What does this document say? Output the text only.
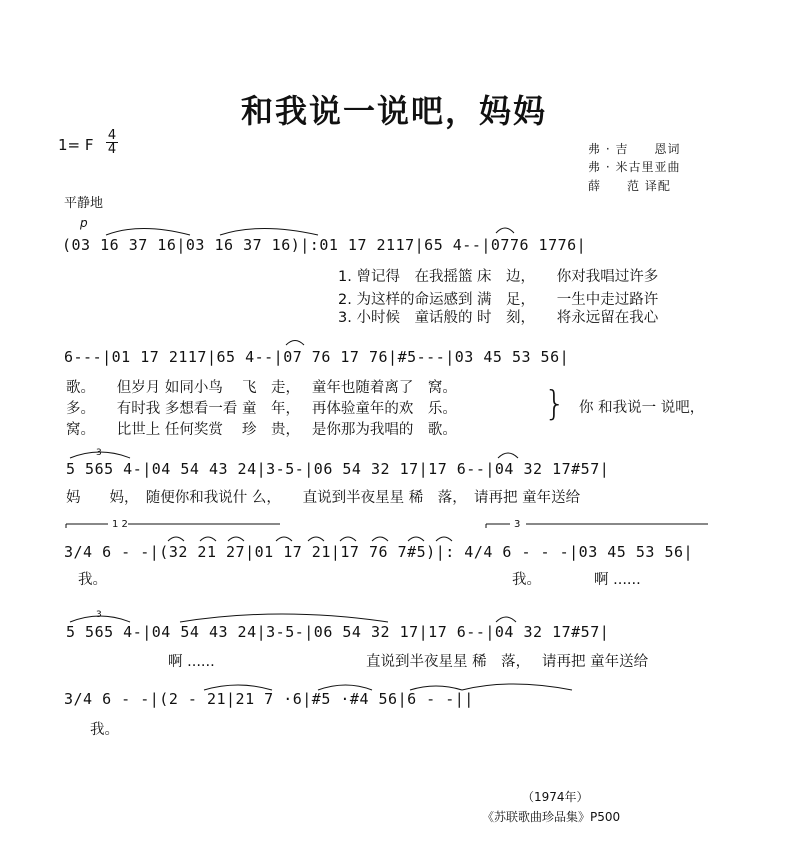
和我说一说吧，妈妈
1= F
4
4	弗 · 吉　　恩词
弗 · 米古里亚曲
薛　　范 译配
平静地
p
(03 16 37 16|03 16 37 16)|:01 17 2117|65 4--|0776 1776|
1. 曾记得　在我摇篮 床　边，　　你对我唱过许多
2. 为这样的命运感到 满　足，　　一生中走过路许
3. 小时候　童话般的 时　刻，　　将永远留在我心
6---|01 17 2117|65 4--|07 76 17 76|#5---|03 45 53 56|
歌。　　但岁月 如同小鸟　 飞　走，　 童年也随着离了　窝。
多。　　有时我 多想看一看 童　年，　 再体验童年的欢　乐。
窝。　　比世上 任何奖赏　 珍　贵，　 是你那为我唱的　歌。
} 你 和我说一 说吧，
5 565 4-|04 54 43 24|3-5-|06 54 32 17|17 6--|04 32 17#57|
妈　　妈，　随便你和我说什 么，　　直说到半夜星星 稀　落，　请再把 童年送给
3/4 6 - -|(32 21 27|01 17 21|17 76 7#5)|: 4/4 6 - - -|03 45 53 56|
我。	我。	啊 ......
5 565 4-|04 54 43 24|3-5-|06 54 32 17|17 6--|04 32 17#57|
啊 ......	直说到半夜星星 稀　落，　 请再把 童年送给
3/4 6 - -|(2 - 21|21 7 ·6|#5 ·#4 56|6 - -||
我。
1 2	3
3
3
（1974年）
《苏联歌曲珍品集》P500
